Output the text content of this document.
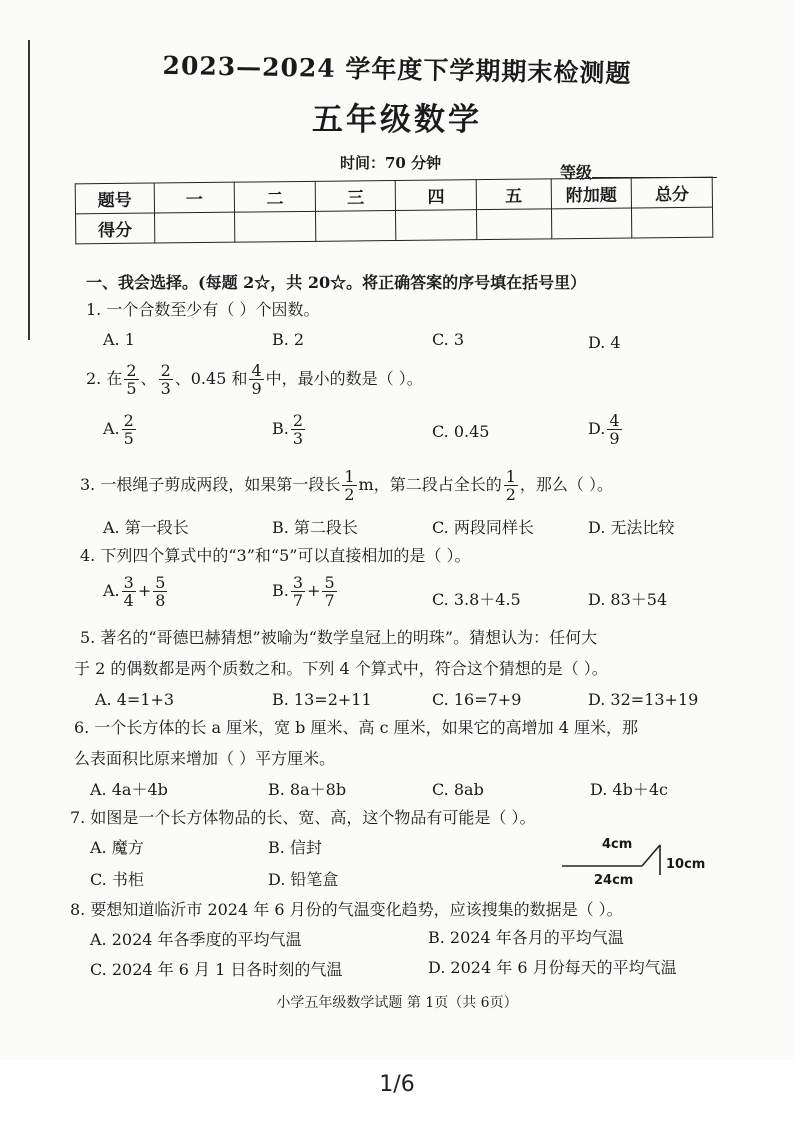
2023—2024 学年度下学期期末检测题
五年级数学
时间：70 分钟	等级
题号	一	二	三	四	五	附加题	总分
得分							
一、我会选择。(每题 2☆，共 20☆。将正确答案的序号填在括号里）
1. 一个合数至少有（ ）个因数。
A. 1	B. 2	C. 3	D. 4
2. 在 $\frac{2}{5}$ 、 $\frac{2}{3}$ 、0.45 和 $\frac{4}{9}$ 中，最小的数是（ ）。
A. $\frac{2}{5}$	B. $\frac{2}{3}$	C. 0.45	D. $\frac{4}{9}$
3. 一根绳子剪成两段，如果第一段长 $\frac{1}{2}$ m，第二段占全长的 $\frac{1}{2}$ ，那么（ ）。
A. 第一段长	B. 第二段长	C. 两段同样长	D. 无法比较
4. 下列四个算式中的“3”和“5”可以直接相加的是（ ）。
A. $\frac{3}{4} + \frac{5}{8}$	B. $\frac{3}{7} + \frac{5}{7}$	C. 3.8＋4.5	D. 83＋54
5. 著名的“哥德巴赫猜想”被喻为“数学皇冠上的明珠”。猜想认为：任何大
于 2 的偶数都是两个质数之和。下列 4 个算式中，符合这个猜想的是（ ）。
A. 4=1+3	B. 13=2+11	C. 16=7+9	D. 32=13+19
6. 一个长方体的长 a 厘米，宽 b 厘米、高 c 厘米，如果它的高增加 4 厘米，那
么表面积比原来增加（ ）平方厘米。
A. 4a＋4b	B. 8a＋8b	C. 8ab	D. 4b＋4c
7. 如图是一个长方体物品的长、宽、高，这个物品有可能是（ ）。
A. 魔方	B. 信封
C. 书柜	D. 铅笔盒
4cm
10cm
24cm
8. 要想知道临沂市 2024 年 6 月份的气温变化趋势，应该搜集的数据是（ ）。
A. 2024 年各季度的平均气温	B. 2024 年各月的平均气温
C. 2024 年 6 月 1 日各时刻的气温	D. 2024 年 6 月份每天的平均气温
小学五年级数学试题 第 1页（共 6页）
1/6
